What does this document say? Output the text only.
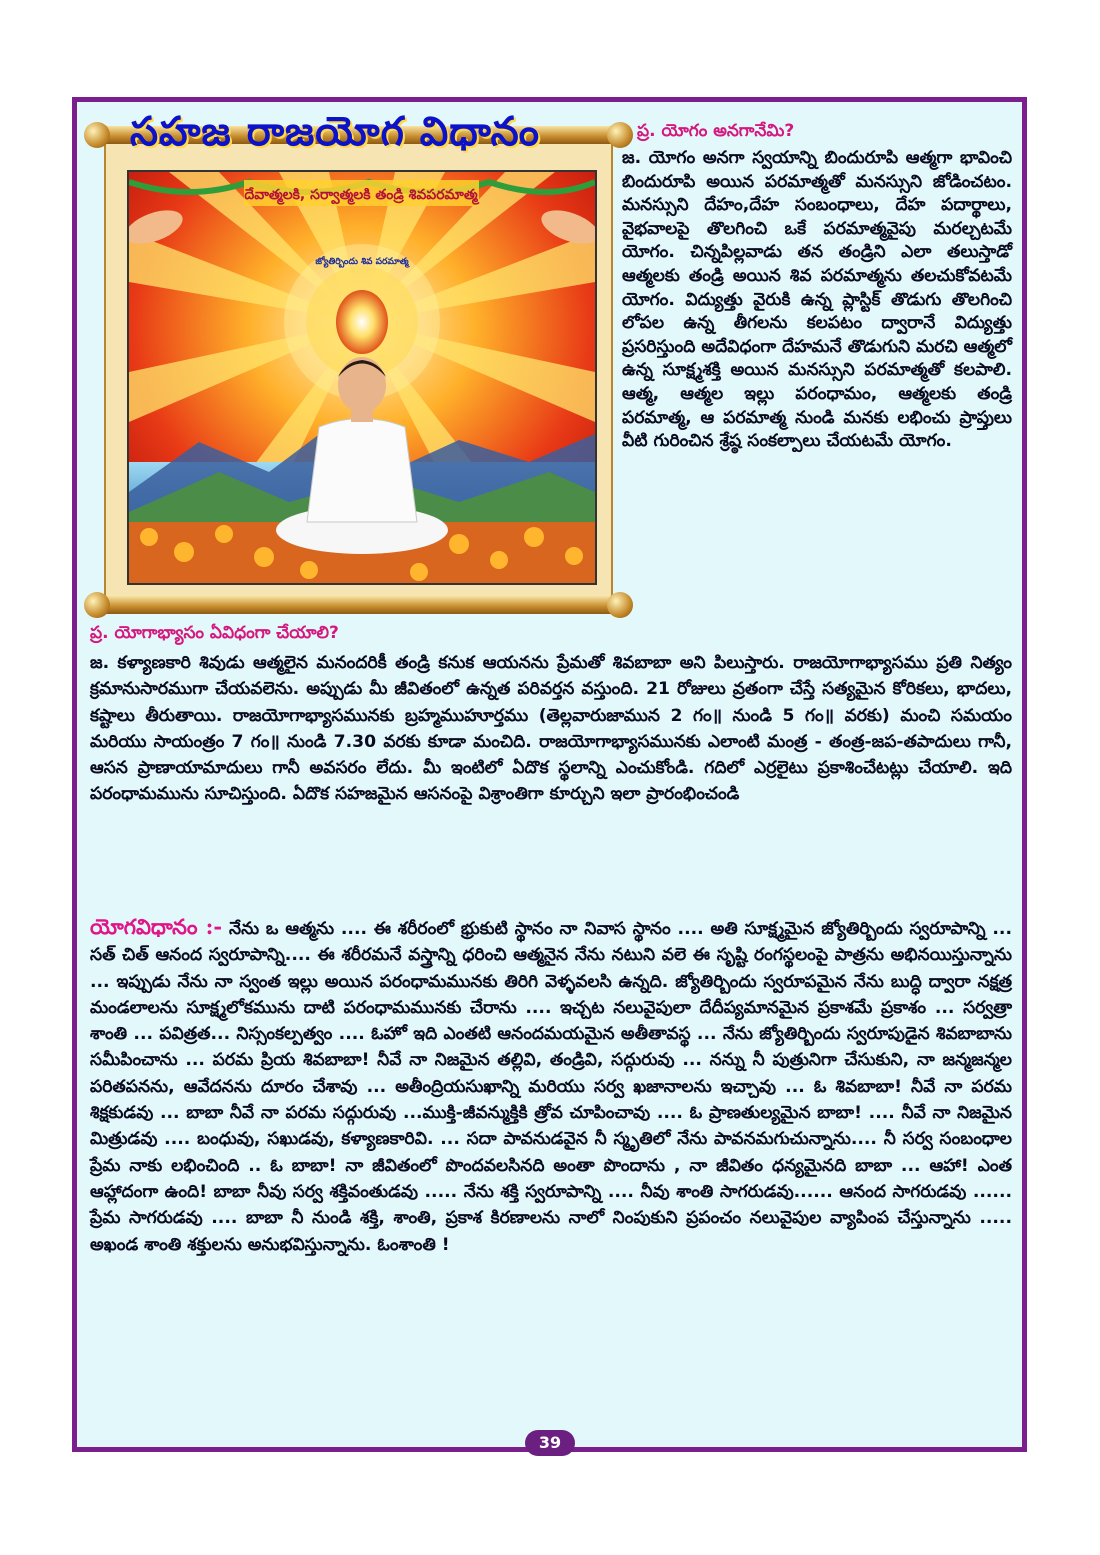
సహజ రాజయోగ విధానం
దేవాత్మలకి, సర్వాత్మలకి తండ్రి శివపరమాత్మ
జ్యోతిర్బిందు శివ పరమాత్మ
ప్ర. యోగం అనగానేమి?
జ. యోగం అనగా స్వయాన్ని బిందురూపి ఆత్మగా భావించి బిందురూపి అయిన పరమాత్మతో మనస్సుని జోడించటం. మనస్సుని దేహం,దేహ సంబంధాలు, దేహ పదార్థాలు, వైభవాలపై తొలగించి ఒకే పరమాత్మవైపు మరల్చటమే యోగం. చిన్నపిల్లవాడు తన తండ్రిని ఎలా తలుస్తాడో ఆత్మలకు తండ్రి అయిన శివ పరమాత్మను తలచుకోవటమే యోగం. విద్యుత్తు వైరుకి ఉన్న ప్లాస్టిక్ తొడుగు తొలగించి లోపల ఉన్న తీగలను కలపటం ద్వారానే విద్యుత్తు ప్రసరిస్తుంది అదేవిధంగా దేహమనే తొడుగుని మరచి ఆత్మలో ఉన్న సూక్ష్మశక్తి అయిన మనస్సుని పరమాత్మతో కలపాలి. ఆత్మ, ఆత్మల ఇల్లు పరంధామం, ఆత్మలకు తండ్రి పరమాత్మ, ఆ పరమాత్మ నుండి మనకు లభించు ప్రాప్తులు వీటి గురించిన శ్రేష్ఠ సంకల్పాలు చేయటమే యోగం.
ప్ర. యోగాభ్యాసం ఏవిధంగా చేయాలి?
జ. కళ్యాణకారి శివుడు ఆత్మలైన మనందరికీ తండ్రి కనుక ఆయనను ప్రేమతో శివబాబా అని పిలుస్తారు. రాజయోగాభ్యాసము ప్రతి నిత్యం క్రమానుసారముగా చేయవలెను. అప్పుడు మీ జీవితంలో ఉన్నత పరివర్తన వస్తుంది. 21 రోజులు వ్రతంగా చేస్తే సత్యమైన కోరికలు, భాదలు, కష్టాలు తీరుతాయి. రాజయోగాభ్యాసమునకు బ్రహ్మముహూర్తము (తెల్లవారుజామున 2 గం॥ నుండి 5 గం॥ వరకు) మంచి సమయం మరియు సాయంత్రం 7 గం॥ నుండి 7.30 వరకు కూడా మంచిది. రాజయోగాభ్యాసమునకు ఎలాంటి మంత్ర - తంత్ర-జప-తపాదులు గానీ, ఆసన ప్రాణాయామాదులు గానీ అవసరం లేదు. మీ ఇంటిలో ఏదొక స్థలాన్ని ఎంచుకోండి. గదిలో ఎర్రలైటు ప్రకాశించేటట్లు చేయాలి. ఇది పరంధామమును సూచిస్తుంది. ఏదొక సహజమైన ఆసనంపై విశ్రాంతిగా కూర్చుని ఇలా ప్రారంభించండి
యోగవిధానం :- నేను ఒ ఆత్మను .... ఈ శరీరంలో భ్రుకుటి స్థానం నా నివాస స్థానం .... అతి సూక్ష్మమైన జ్యోతిర్బిందు స్వరూపాన్ని ... సత్ చిత్ ఆనంద స్వరూపాన్ని.... ఈ శరీరమనే వస్త్రాన్ని ధరించి ఆత్మనైన నేను నటుని వలె ఈ సృష్టి రంగస్థలంపై పాత్రను అభినయిస్తున్నాను ... ఇప్పుడు నేను నా స్వంత ఇల్లు అయిన పరంధామమునకు తిరిగి వెళ్ళవలసి ఉన్నది. జ్యోతిర్బిందు స్వరూపమైన నేను బుద్ధి ద్వారా నక్షత్ర మండలాలను సూక్ష్మలోకమును దాటి పరంధామమునకు చేరాను .... ఇచ్చట నలువైపులా దేదీప్యమానమైన ప్రకాశమే ప్రకాశం ... సర్వత్రా శాంతి ... పవిత్రత... నిస్సంకల్పత్వం .... ఓహో ఇది ఎంతటి ఆనందమయమైన అతీతావస్థ ... నేను జ్యోతిర్బిందు స్వరూపుడైన శివబాబాను సమీపించాను ... పరమ ప్రియ శివబాబా! నీవే నా నిజమైన తల్లివి, తండ్రివి, సద్గురువు ... నన్ను నీ పుత్రునిగా చేసుకుని, నా జన్మజన్మల పరితపనను, ఆవేదనను దూరం చేశావు ... అతీంద్రియసుఖాన్ని మరియు సర్వ ఖజానాలను ఇచ్చావు ... ఓ శివబాబా! నీవే నా పరమ శిక్షకుడవు ... బాబా నీవే నా పరమ సద్గురువు ...ముక్తి-జీవన్ముక్తికి త్రోవ చూపించావు .... ఓ ప్రాణతుల్యమైన బాబా! .... నీవే నా నిజమైన మిత్రుడవు .... బంధువు, సఖుడవు, కళ్యాణకారివి. ... సదా పావనుడవైన నీ స్మృతిలో నేను పావనమగుచున్నాను.... నీ సర్వ సంబంధాల ప్రేమ నాకు లభించింది .. ఓ బాబా! నా జీవితంలో పొందవలసినది అంతా పొందాను , నా జీవితం ధన్యమైనది బాబా ... ఆహా! ఎంత ఆహ్లాదంగా ఉంది! బాబా నీవు సర్వ శక్తివంతుడవు ..... నేను శక్తి స్వరూపాన్ని .... నీవు శాంతి సాగరుడవు...... ఆనంద సాగరుడవు ...... ప్రేమ సాగరుడవు .... బాబా నీ నుండి శక్తి, శాంతి, ప్రకాశ కిరణాలను నాలో నింపుకుని ప్రపంచం నలువైపుల వ్యాపింప చేస్తున్నాను ..... అఖండ శాంతి శక్తులను అనుభవిస్తున్నాను. ఓంశాంతి !
39
